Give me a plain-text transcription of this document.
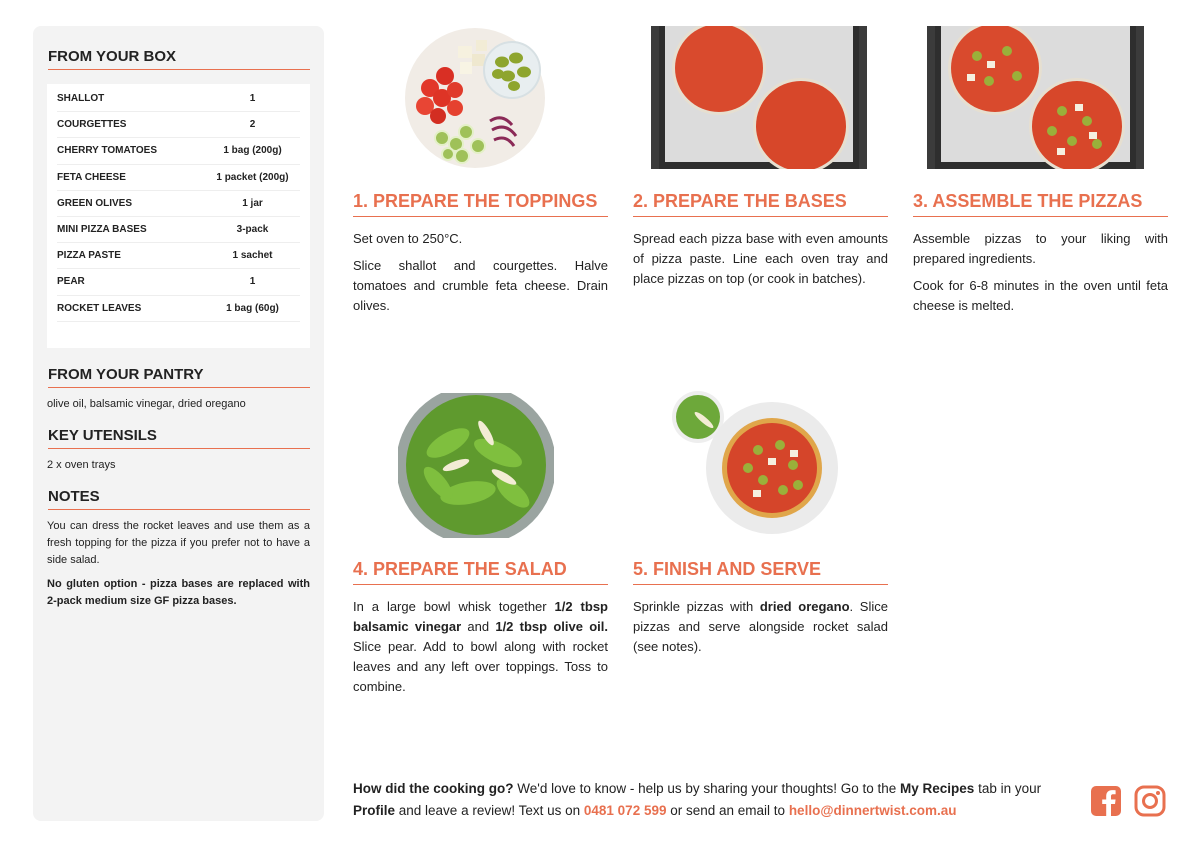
FROM YOUR BOX
SHALLOT	1
COURGETTES	2
CHERRY TOMATOES	1 bag (200g)
FETA CHEESE	1 packet (200g)
GREEN OLIVES	1 jar
MINI PIZZA BASES	3-pack
PIZZA PASTE	1 sachet
PEAR	1
ROCKET LEAVES	1 bag (60g)
FROM YOUR PANTRY
olive oil, balsamic vinegar, dried oregano
KEY UTENSILS
2 x oven trays
NOTES

You can dress the rocket leaves and use them as a fresh topping for the pizza if you prefer not to have a side salad.

No gluten option - pizza bases are replaced with 2-pack medium size GF pizza bases.

1. PREPARE THE TOPPINGS

Set oven to 250°C.

Slice shallot and courgettes. Halve tomatoes and crumble feta cheese. Drain olives.

2. PREPARE THE BASES

Spread each pizza base with even amounts of pizza paste. Line each oven tray and place pizzas on top (or cook in batches).

3. ASSEMBLE THE PIZZAS

Assemble pizzas to your liking with prepared ingredients.

Cook for 6-8 minutes in the oven until feta cheese is melted.

4. PREPARE THE SALAD

In a large bowl whisk together 1/2 tbsp balsamic vinegar and 1/2 tbsp olive oil. Slice pear. Add to bowl along with rocket leaves and any left over toppings. Toss to combine.

5. FINISH AND SERVE

Sprinkle pizzas with dried oregano. Slice pizzas and serve alongside rocket salad (see notes).

How did the cooking go? We'd love to know - help us by sharing your thoughts! Go to the My Recipes tab in your Profile and leave a review! Text us on 0481 072 599 or send an email to hello@dinnertwist.com.au
